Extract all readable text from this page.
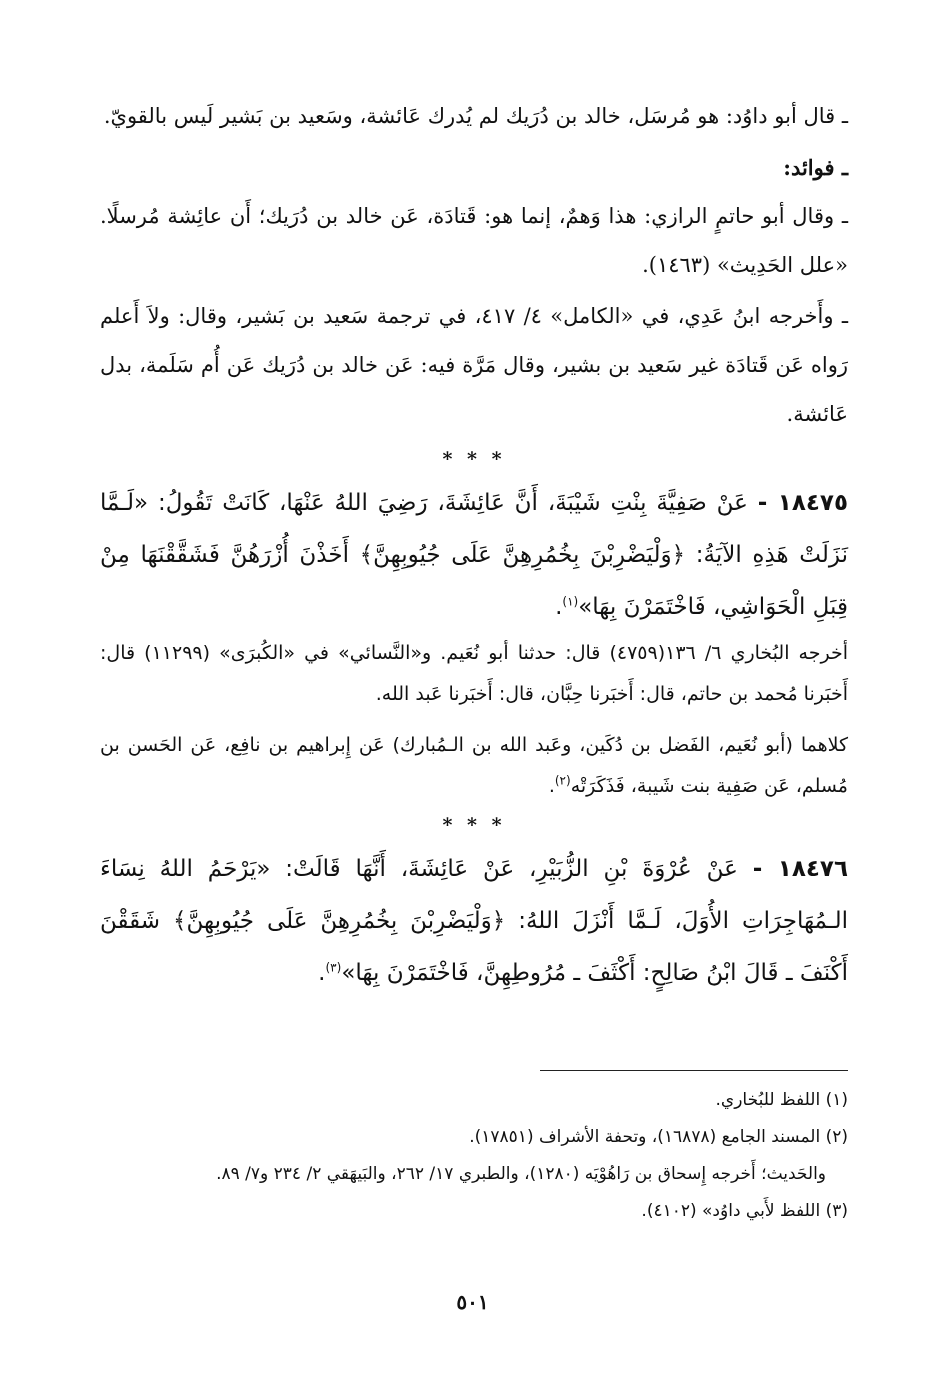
ـ قال أبو داوُد: هو مُرسَل، خالد بن دُرَيك لم يُدرك عَائشة، وسَعيد بن بَشير لَيس بالقويّ.

ـ فوائد:

ـ وقال أبو حاتمٍ الرازي: هذا وَهمٌ، إنما هو: قَتادَة، عَن خالد بن دُرَيك؛ أَن عائِشة مُرسلًا. «علل الحَدِيث» (١٤٦٣).

ـ وأَخرجه ابنُ عَدِي، في «الكامل» ٤/ ٤١٧، في ترجمة سَعيد بن بَشير، وقال: ولاَ أَعلم رَواه عَن قَتادَة غير سَعيد بن بشير، وقال مَرَّة فيه: عَن خالد بن دُرَيك عَن أُم سَلَمة، بدل عَائشة.

* * *

١٨٤٧٥ - عَنْ صَفِيَّةَ بِنْتِ شَيْبَةَ، أَنَّ عَائِشَةَ، رَضِيَ اللهُ عَنْهَا، كَانَتْ تَقُولُ: «لَـمَّا نَزَلَتْ هَذِهِ الآيَةُ: ﴿وَلْيَضْرِبْنَ بِخُمُرِهِنَّ عَلَى جُيُوبِهِنَّ﴾ أَخَذْنَ أُزْرَهُنَّ فَشَقَّقْنَهَا مِنْ قِبَلِ الْحَوَاشِي، فَاخْتَمَرْنَ بِهَا»$^{(١)}$.

أخرجه البُخاري ٦/ ١٣٦(٤٧٥٩) قال: حدثنا أبو نُعَيم. و«النَّسائي» في «الكُبرَى» (١١٢٩٩) قال: أَخبَرنا مُحمد بن حاتم، قال: أَخبَرنا حِبَّان، قال: أَخبَرنا عَبد الله.

كلاهما (أبو نُعَيم، الفَضل بن دُكَين، وعَبد الله بن الـمُبارك) عَن إِبراهيم بن نافِع، عَن الحَسن بن مُسلم، عَن صَفِية بنت شَيبة، فَذَكَرَتْه$^{(٢)}$.

* * *

١٨٤٧٦ - عَنْ عُرْوَةَ بْنِ الزُّبَيْرِ، عَنْ عَائِشَةَ، أَنَّهَا قَالَتْ: «يَرْحَمُ اللهُ نِسَاءَ الـمُهَاجِرَاتِ الأُوَلَ، لَـمَّا أَنْزَلَ اللهُ: ﴿وَلْيَضْرِبْنَ بِخُمُرِهِنَّ عَلَى جُيُوبِهِنَّ﴾ شَقَقْنَ أَكْنَفَ ـ قَالَ ابْنُ صَالِحٍ: أَكْثَفَ ـ مُرُوطِهِنَّ، فَاخْتَمَرْنَ بِهَا»$^{(٣)}$.

(١) اللفظ للبُخاري.

(٢) المسند الجامع (١٦٨٧٨)، وتحفة الأشراف (١٧٨٥١).

والحَديث؛ أَخرجه إِسحاق بن رَاهُوْيَه (١٢٨٠)، والطبري ١٧/ ٢٦٢، والبَيهَقي ٢/ ٢٣٤ و٧/ ٨٩.

(٣) اللفظ لأَبي داوُد» (٤١٠٢).

٥٠١
